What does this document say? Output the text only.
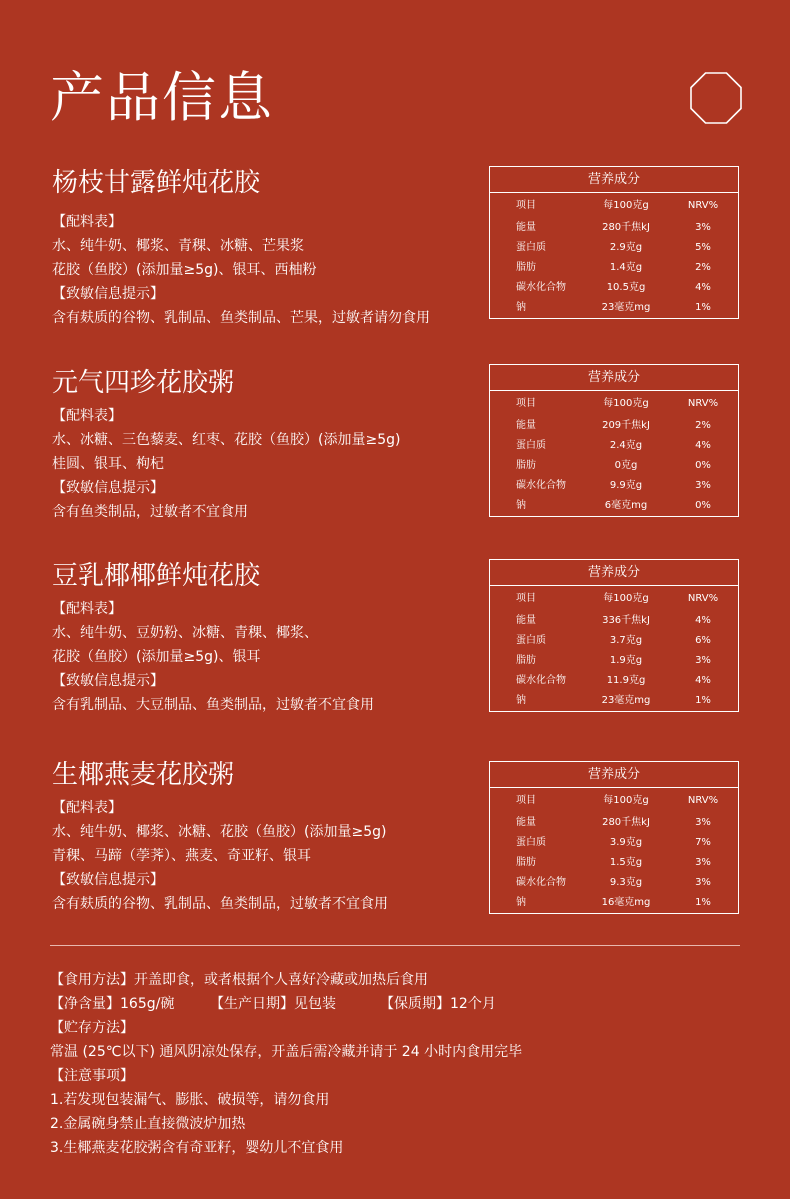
产品信息
杨枝甘露鲜炖花胶
【配料表】
水、纯牛奶、椰浆、青稞、冰糖、芒果浆
花胶（鱼胶）(添加量≥5g)、银耳、西柚粉
【致敏信息提示】
含有麸质的谷物、乳制品、鱼类制品、芒果，过敏者请勿食用
营养成分
项目	每100克g	NRV%
能量	280千焦kJ	3%
蛋白质	2.9克g	5%
脂肪	1.4克g	2%
碳水化合物	10.5克g	4%
钠	23毫克mg	1%
元气四珍花胶粥
【配料表】
水、冰糖、三色藜麦、红枣、花胶（鱼胶）(添加量≥5g)
桂圆、银耳、枸杞
【致敏信息提示】
含有鱼类制品，过敏者不宜食用
营养成分
项目	每100克g	NRV%
能量	209千焦kJ	2%
蛋白质	2.4克g	4%
脂肪	0克g	0%
碳水化合物	9.9克g	3%
钠	6毫克mg	0%
豆乳椰椰鲜炖花胶
【配料表】
水、纯牛奶、豆奶粉、冰糖、青稞、椰浆、
花胶（鱼胶）(添加量≥5g)、银耳
【致敏信息提示】
含有乳制品、大豆制品、鱼类制品，过敏者不宜食用
营养成分
项目	每100克g	NRV%
能量	336千焦kJ	4%
蛋白质	3.7克g	6%
脂肪	1.9克g	3%
碳水化合物	11.9克g	4%
钠	23毫克mg	1%
生椰燕麦花胶粥
【配料表】
水、纯牛奶、椰浆、冰糖、花胶（鱼胶）(添加量≥5g)
青稞、马蹄（荸荠）、燕麦、奇亚籽、银耳
【致敏信息提示】
含有麸质的谷物、乳制品、鱼类制品，过敏者不宜食用
营养成分
项目	每100克g	NRV%
能量	280千焦kJ	3%
蛋白质	3.9克g	7%
脂肪	1.5克g	3%
碳水化合物	9.3克g	3%
钠	16毫克mg	1%
【食用方法】开盖即食，或者根据个人喜好冷藏或加热后食用
【净含量】165g/碗	【生产日期】见包装	【保质期】12个月
【贮存方法】
常温 (25℃以下) 通风阴凉处保存，开盖后需冷藏并请于 24 小时内食用完毕
【注意事项】
1.若发现包装漏气、膨胀、破损等，请勿食用
2.金属碗身禁止直接微波炉加热
3.生椰燕麦花胶粥含有奇亚籽，婴幼儿不宜食用
